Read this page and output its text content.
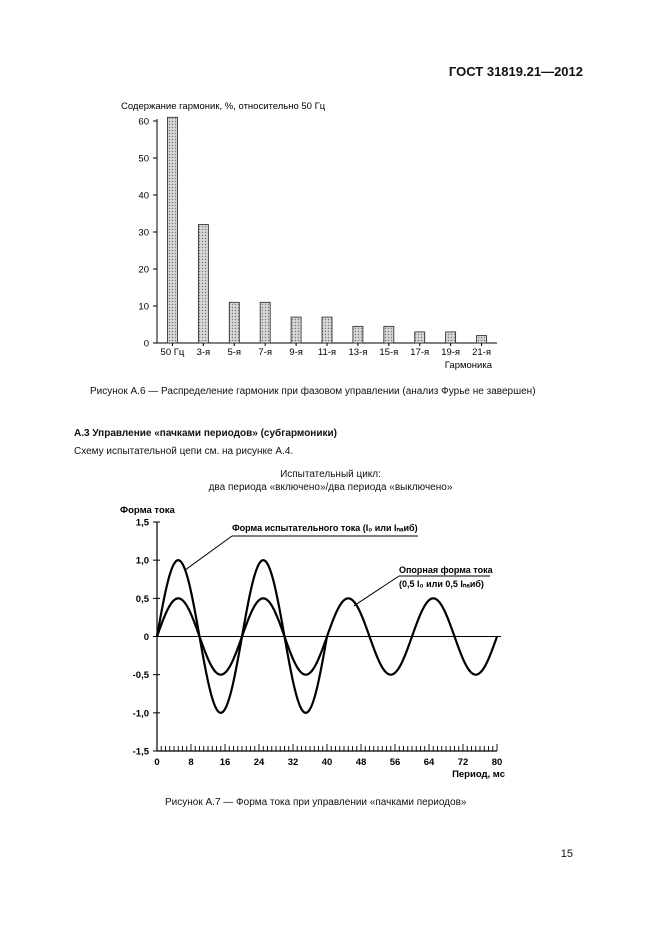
ГОСТ 31819.21—2012
Содержание гармоник, %, относительно 50 Гц
0
10
20
30
40
50
60
50 Гц 3-я 5-я 7-я 9-я 11-я 13-я 15-я 17-я 19-я 21-я
Гармоника
Рисунок А.6 — Распределение гармоник при фазовом управлении (анализ Фурье не завершен)
А.3 Управление «пачками периодов» (субгармоники)
Схему испытательной цепи см. на рисунке А.4.
Испытательный цикл:
два периода «включено»/два периода «выключено»
Форма тока
-1,5
-1,0
-0,5
0
0,5
1,0
1,5
0	8	16 24 32 40 48 56 64 72 80
Период, мс
Форма испытательного тока (I₀ или Iₙₐиб)
Опорная форма тока
(0,5 I₀ или 0,5 Iₙₐиб)
Рисунок А.7 — Форма тока при управлении «пачками периодов»
15
